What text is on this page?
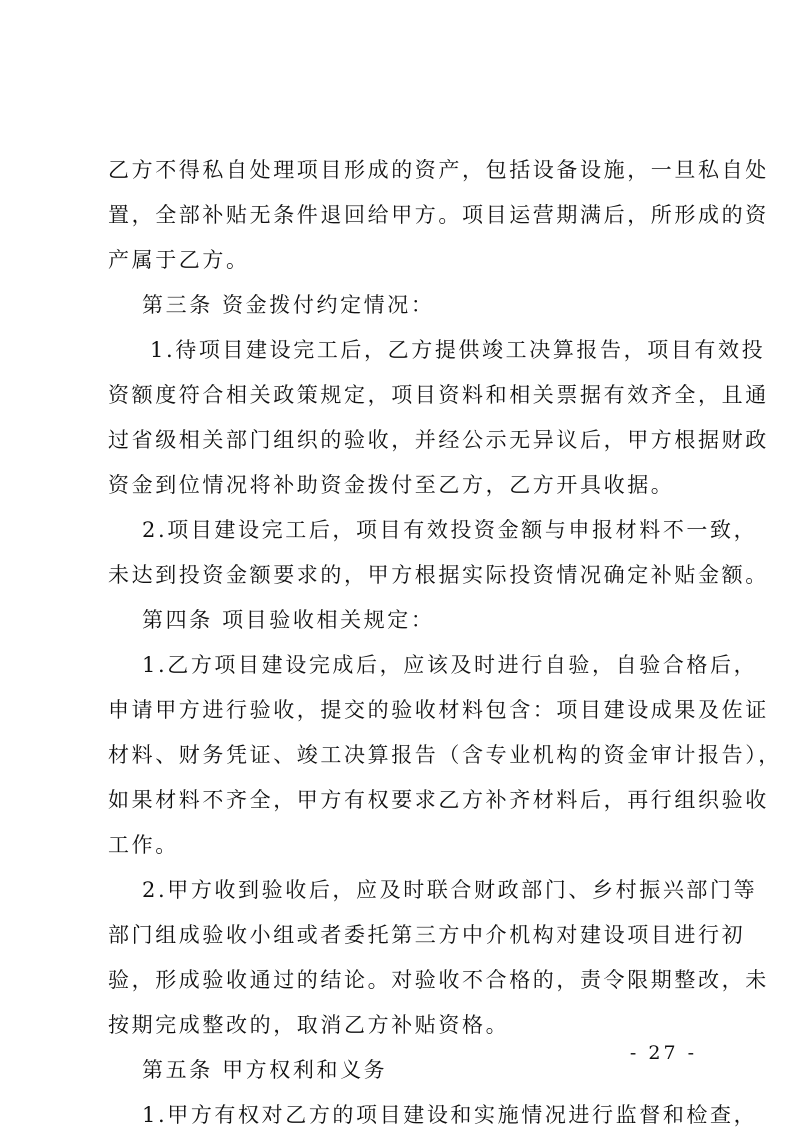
乙方不得私自处理项目形成的资产，包括设备设施，一旦私自处
置，全部补贴无条件退回给甲方。项目运营期满后，所形成的资
产属于乙方。
第三条 资金拨付约定情况：
1.待项目建设完工后，乙方提供竣工决算报告，项目有效投
资额度符合相关政策规定，项目资料和相关票据有效齐全，且通
过省级相关部门组织的验收，并经公示无异议后，甲方根据财政
资金到位情况将补助资金拨付至乙方，乙方开具收据。
2.项目建设完工后，项目有效投资金额与申报材料不一致，
未达到投资金额要求的，甲方根据实际投资情况确定补贴金额。
第四条 项目验收相关规定：
1.乙方项目建设完成后，应该及时进行自验，自验合格后，
申请甲方进行验收，提交的验收材料包含：项目建设成果及佐证
材料、财务凭证、竣工决算报告（含专业机构的资金审计报告），
如果材料不齐全，甲方有权要求乙方补齐材料后，再行组织验收
工作。
2.甲方收到验收后，应及时联合财政部门、乡村振兴部门等
部门组成验收小组或者委托第三方中介机构对建设项目进行初
验，形成验收通过的结论。对验收不合格的，责令限期整改，未
按期完成整改的，取消乙方补贴资格。
第五条 甲方权利和义务
1.甲方有权对乙方的项目建设和实施情况进行监督和检查，
- 27 -
